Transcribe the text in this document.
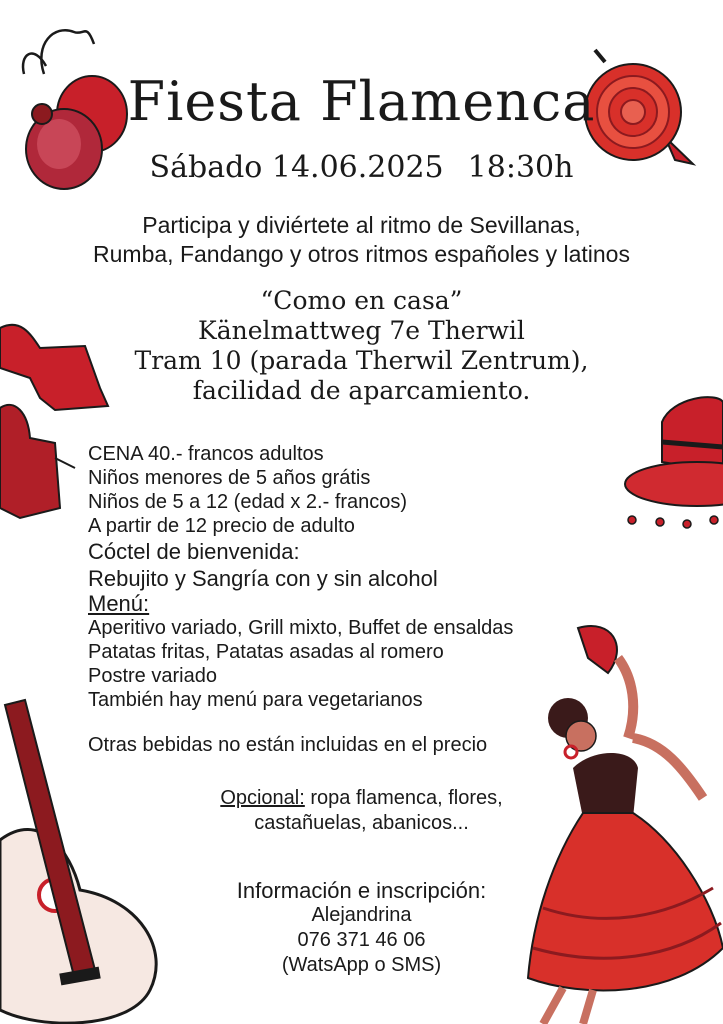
Fiesta Flamenca
Sábado 14.06.2025 18:30h
Participa y diviértete al ritmo de Sevillanas,
Rumba, Fandango y otros ritmos españoles y latinos
“Como en casa”
Känelmattweg 7e Therwil
Tram 10 (parada Therwil Zentrum),
facilidad de aparcamiento.
CENA 40.- francos adultos
Niños menores de 5 años grátis
Niños de 5 a 12 (edad x 2.- francos)
A partir de 12 precio de adulto
Cóctel de bienvenida:
Rebujito y Sangría con y sin alcohol
Menú:
Aperitivo variado, Grill mixto, Buffet de ensaldas
Patatas fritas, Patatas asadas al romero
Postre variado
También hay menú para vegetarianos
Otras bebidas no están incluidas en el precio
Opcional: ropa flamenca, flores,
castañuelas, abanicos...
Información e inscripción:
Alejandrina
076 371 46 06
(WatsApp o SMS)
